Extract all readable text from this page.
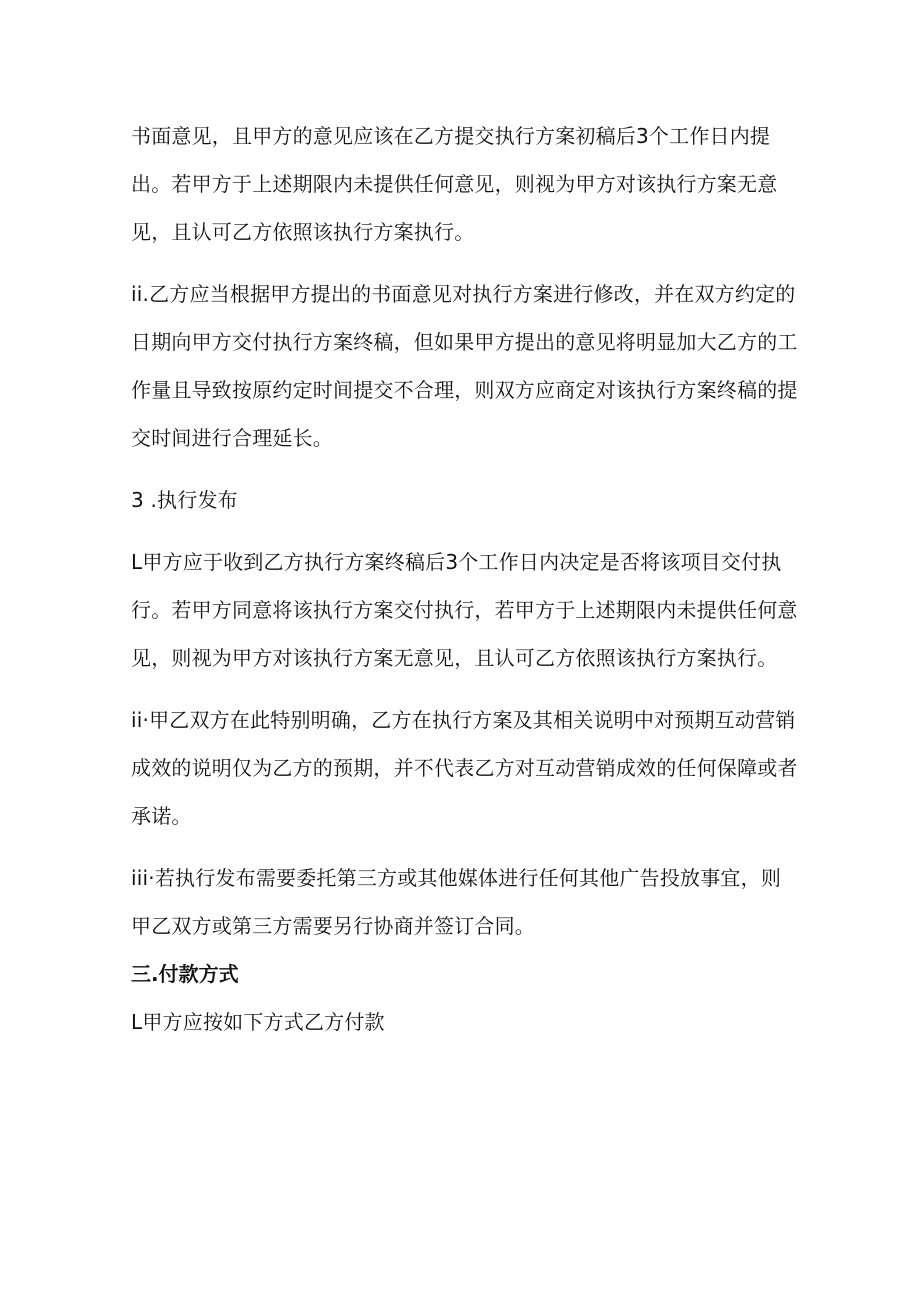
书面意见，且甲方的意见应该在乙方提交执行方案初稿后3个工作日内提出。若甲方于上述期限内未提供任何意见，则视为甲方对该执行方案无意见，且认可乙方依照该执行方案执行。

ii.乙方应当根据甲方提出的书面意见对执行方案进行修改，并在双方约定的日期向甲方交付执行方案终稿，但如果甲方提出的意见将明显加大乙方的工作量且导致按原约定时间提交不合理，则双方应商定对该执行方案终稿的提交时间进行合理延长。

3 .执行发布

L甲方应于收到乙方执行方案终稿后3个工作日内决定是否将该项目交付执行。若甲方同意将该执行方案交付执行，若甲方于上述期限内未提供任何意见，则视为甲方对该执行方案无意见，且认可乙方依照该执行方案执行。

ii·甲乙双方在此特别明确，乙方在执行方案及其相关说明中对预期互动营销成效的说明仅为乙方的预期，并不代表乙方对互动营销成效的任何保障或者承诺。

iii·若执行发布需要委托第三方或其他媒体进行任何其他广告投放事宜，则甲乙双方或第三方需要另行协商并签订合同。

三.付款方式

L甲方应按如下方式乙方付款
